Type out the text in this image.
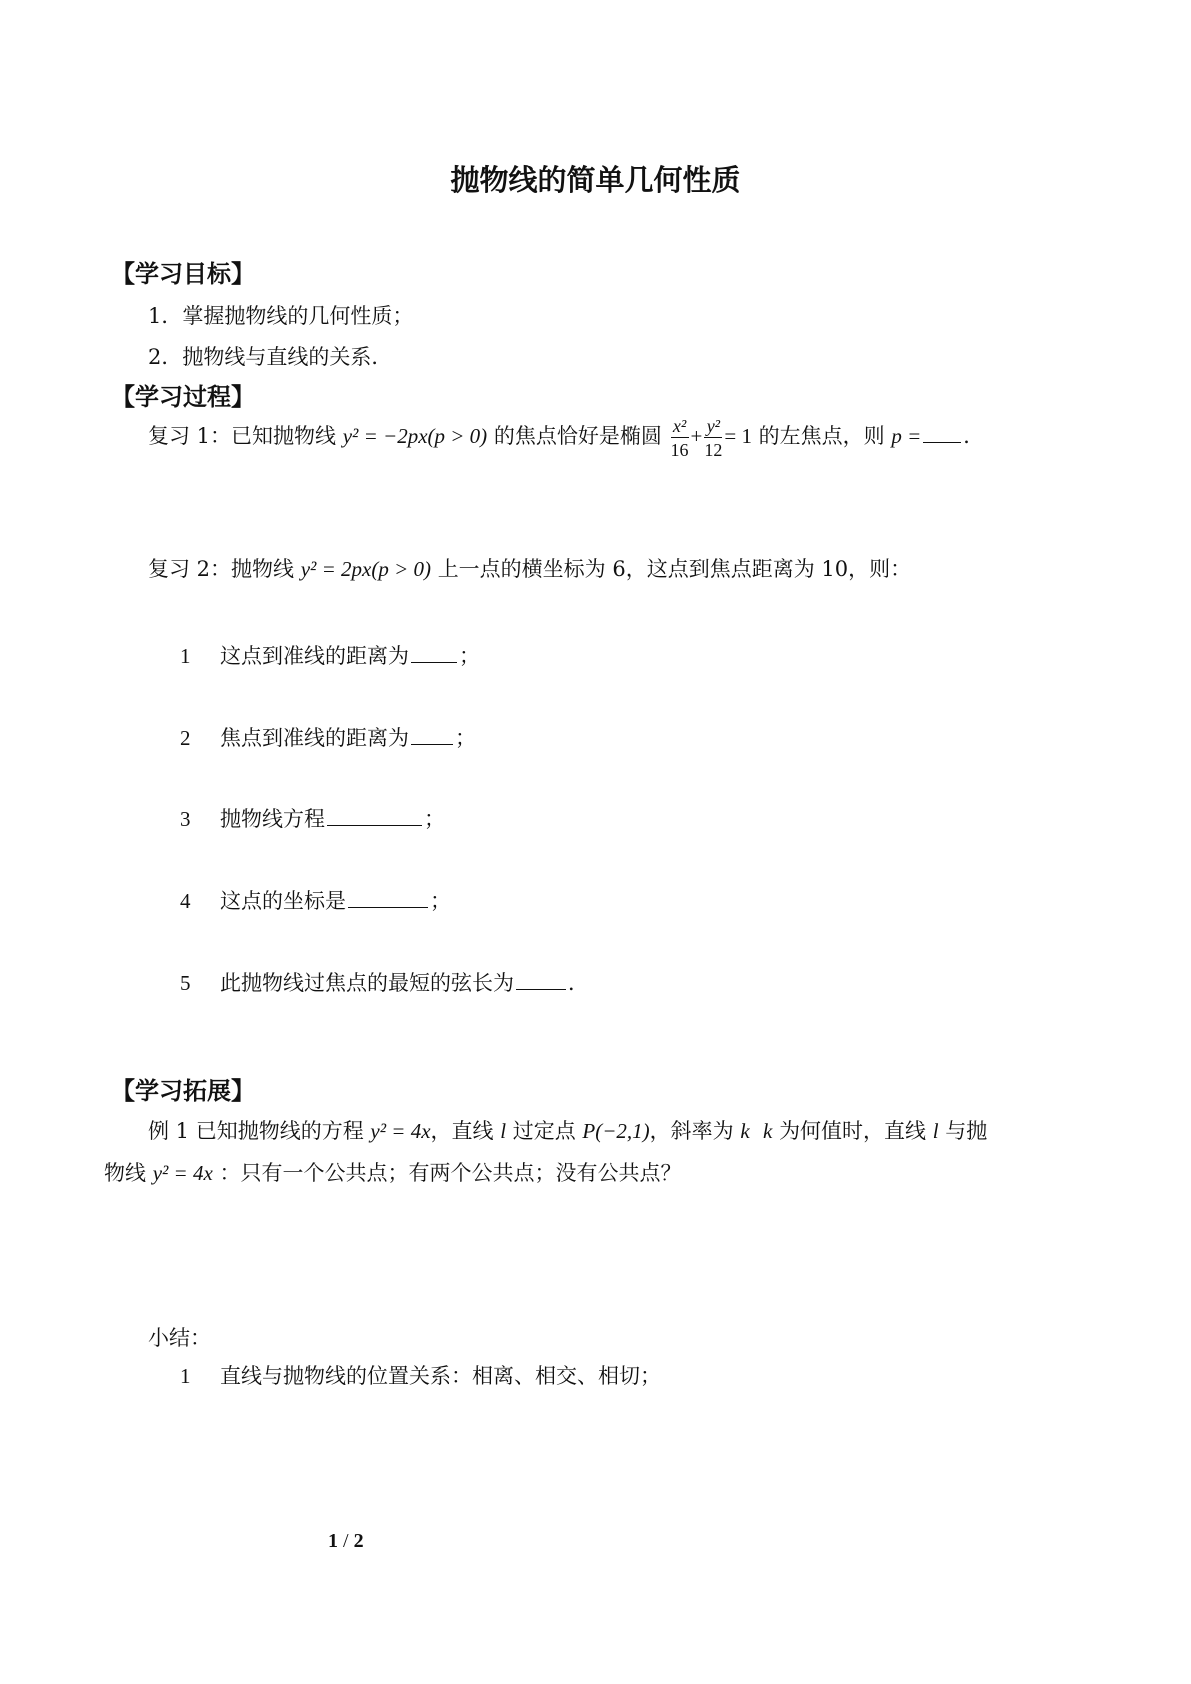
抛物线的简单几何性质
【学习目标】
1．掌握抛物线的几何性质；
2．抛物线与直线的关系．
【学习过程】
复习 1：已知抛物线 y² = −2px(p > 0) 的焦点恰好是椭圆 $\frac{\text{x²}}{16} + \frac{\text{y²}}{12} = 1$ 的左焦点，则 p = ．
复习 2：抛物线 y² = 2px(p > 0) 上一点的横坐标为 6，这点到焦点距离为 10，则：
1 这点到准线的距离为 ；
2 焦点到准线的距离为 ；
3 抛物线方程	；
4 这点的坐标是	；
5 此抛物线过焦点的最短的弦长为	．
【学习拓展】
例 1 已知抛物线的方程 y² = 4x，直线 l 过定点 P(−2,1)，斜率为 k k 为何值时，直线 l 与抛
物线 y² = 4x ：只有一个公共点；有两个公共点；没有公共点？
小结：
1 直线与抛物线的位置关系：相离、相交、相切；
1 / 2
